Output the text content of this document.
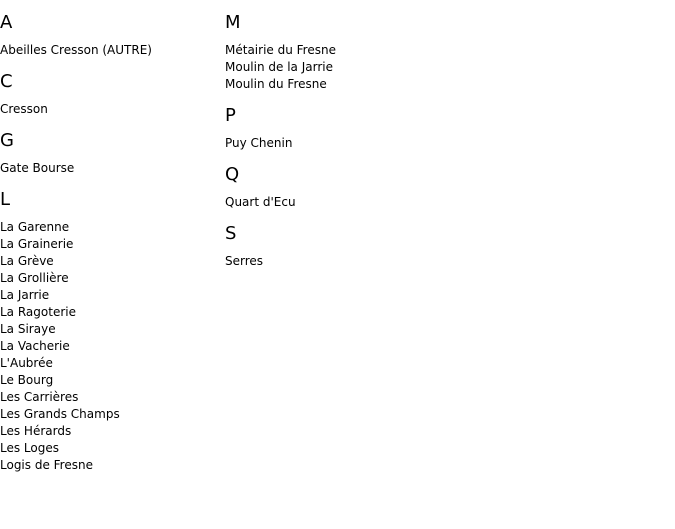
A
Abeilles Cresson (AUTRE)
C
Cresson
G
Gate Bourse
L
La Garenne
La Grainerie
La Grève
La Grollière
La Jarrie
La Ragoterie
La Siraye
La Vacherie
L'Aubrée
Le Bourg
Les Carrières
Les Grands Champs
Les Hérards
Les Loges
Logis de Fresne
M
Métairie du Fresne
Moulin de la Jarrie
Moulin du Fresne
P
Puy Chenin
Q
Quart d'Ecu
S
Serres
